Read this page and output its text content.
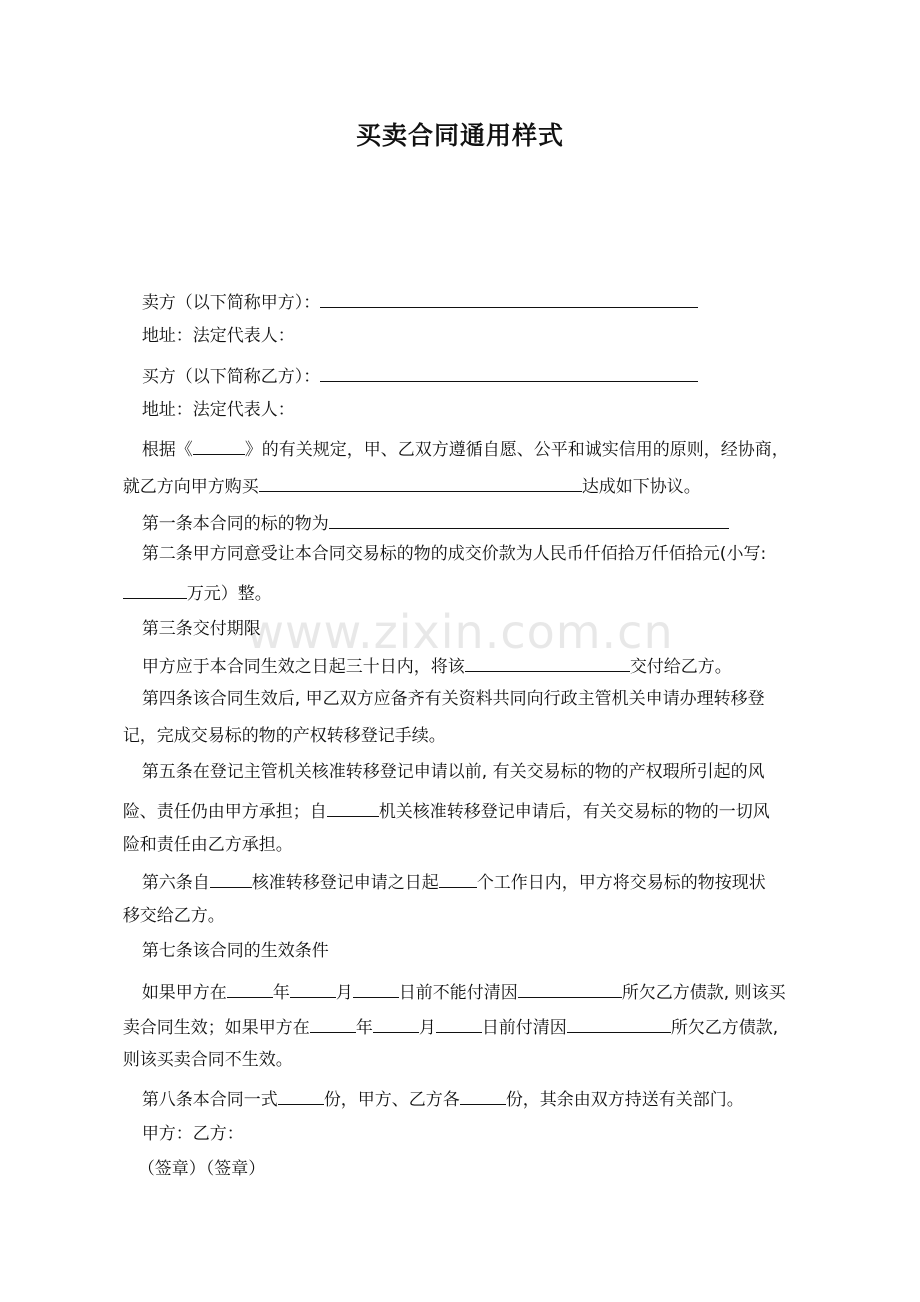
买卖合同通用样式
www.zixin.com.cn

卖方（以下简称甲方）：

地址：法定代表人：

买方（以下简称乙方）：

地址：法定代表人：

根据《	》的有关规定，甲、乙双方遵循自愿、公平和诚实信用的原则，经协商，

就乙方向甲方购买	达成如下协议。

第一条本合同的标的物为

第二条甲方同意受让本合同交易标的物的成交价款为人民币仟佰拾万仟佰拾元(小写:

万元）整。

第三条交付期限

甲方应于本合同生效之日起三十日内，将该	交付给乙方。

第四条该合同生效后, 甲乙双方应备齐有关资料共同向行政主管机关申请办理转移登

记，完成交易标的物的产权转移登记手续。

第五条在登记主管机关核准转移登记申请以前, 有关交易标的物的产权瑕所引起的风

险、责任仍由甲方承担；自	机关核准转移登记申请后，有关交易标的物的一切风

险和责任由乙方承担。

第六条自 核准转移登记申请之日起 个工作日内，甲方将交易标的物按现状

移交给乙方。

第七条该合同的生效条件

如果甲方在	年	月	日前不能付清因	所欠乙方债款, 则该买

卖合同生效；如果甲方在	年	月	日前付清因	所欠乙方债款,

则该买卖合同不生效。

第八条本合同一式	份，甲方、乙方各	份，其余由双方持送有关部门。

甲方：乙方：

（签章）（签章）
